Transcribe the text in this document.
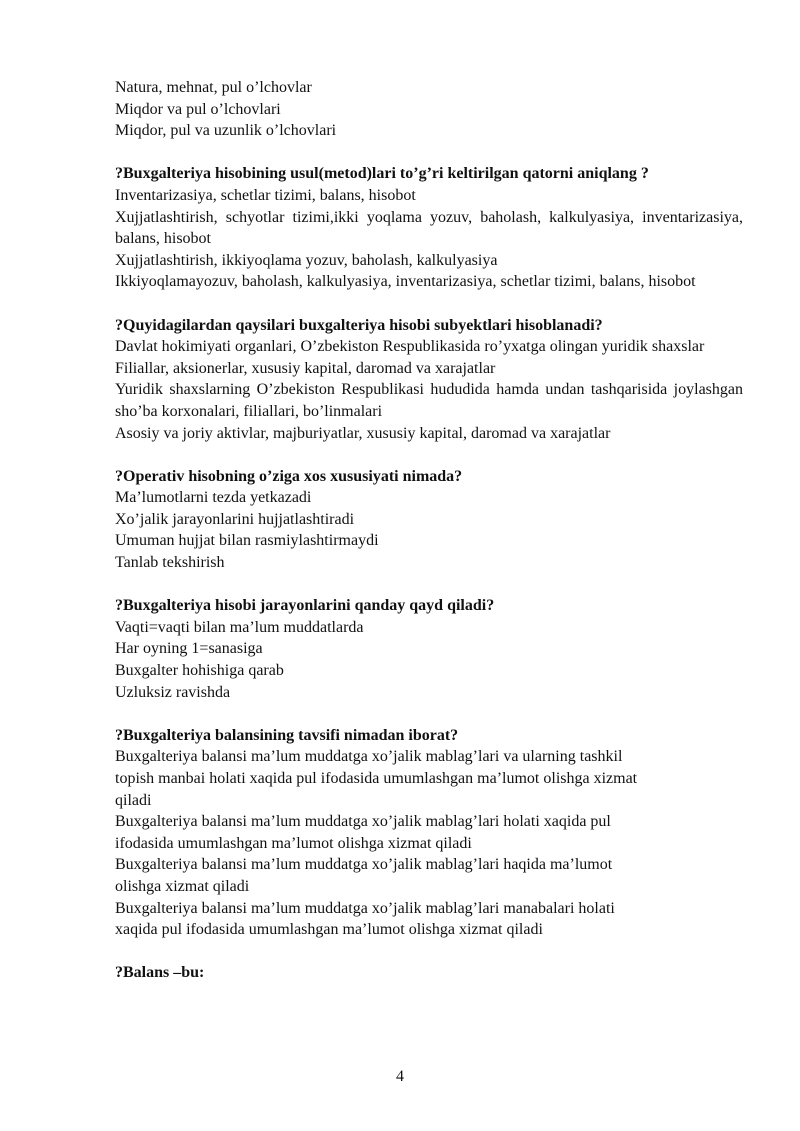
Natura, mehnat, pul o’lchovlar
Miqdor va pul o’lchovlari
Miqdor, pul va uzunlik o’lchovlari
?Buxgalteriya hisobining usul(metod)lari to’g’ri keltirilgan qatorni aniqlang ?
Inventarizasiya, schetlar tizimi, balans, hisobot
Xujjatlashtirish, schyotlar tizimi,ikki yoqlama yozuv, baholash, kalkulyasiya, inventarizasiya, balans, hisobot
Xujjatlashtirish, ikkiyoqlama yozuv, baholash, kalkulyasiya
Ikkiyoqlamayozuv, baholash, kalkulyasiya, inventarizasiya, schetlar tizimi, balans, hisobot
?Quyidagilardan qaysilari buxgalteriya hisobi subyektlari hisoblanadi?
Davlat hokimiyati organlari, O’zbekiston Respublikasida ro’yxatga olingan yuridik shaxslar
Filiallar, aksionerlar, xususiy kapital, daromad va xarajatlar
Yuridik shaxslarning O’zbekiston Respublikasi hududida hamda undan tashqarisida joylashgan sho’ba korxonalari, filiallari, bo’linmalari
Asosiy va joriy aktivlar, majburiyatlar, xususiy kapital, daromad va xarajatlar
?Operativ hisobning o’ziga xos xususiyati nimada?
Ma’lumotlarni tezda yetkazadi
Xo’jalik jarayonlarini hujjatlashtiradi
Umuman hujjat bilan rasmiylashtirmaydi
Tanlab tekshirish
?Buxgalteriya hisobi jarayonlarini qanday qayd qiladi?
Vaqti=vaqti bilan ma’lum muddatlarda
Har oyning 1=sanasiga
Buxgalter hohishiga qarab
Uzluksiz ravishda
?Buxgalteriya balansining tavsifi nimadan iborat?
Buxgalteriya balansi ma’lum muddatga xo’jalik mablag’lari va ularning tashkil
topish manbai holati xaqida pul ifodasida umumlashgan ma’lumot olishga xizmat
qiladi
Buxgalteriya balansi ma’lum muddatga xo’jalik mablag’lari holati xaqida pul
ifodasida umumlashgan ma’lumot olishga xizmat qiladi
Buxgalteriya balansi ma’lum muddatga xo’jalik mablag’lari haqida ma’lumot
olishga xizmat qiladi
Buxgalteriya balansi ma’lum muddatga xo’jalik mablag’lari manabalari holati
xaqida pul ifodasida umumlashgan ma’lumot olishga xizmat qiladi
?Balans –bu:
4
